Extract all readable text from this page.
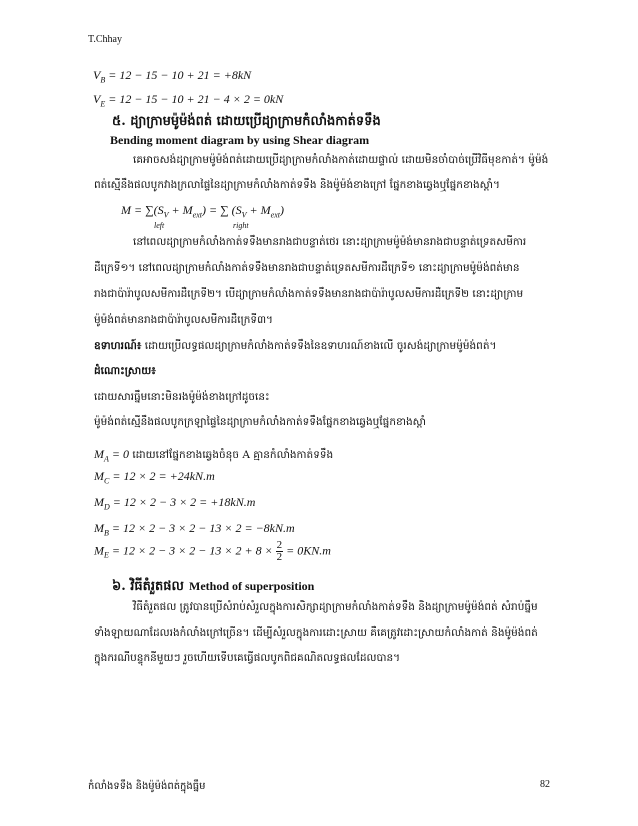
T.Chhay
$V_B = 12 - 15 - 10 + 21 = +8kN$
$V_E = 12 - 15 - 10 + 21 - 4 \times 2 = 0kN$
៥. ដ្យាក្រាមម៉ូម៉ង់ពត់ ដោយប្រើដ្យាក្រាមកំលាំងកាត់ទទឹង
Bending moment diagram by using Shear diagram
គេអាចសង់ដ្យាក្រាមម៉ូម៉ង់ពត់ដោយប្រើដ្យាក្រាមកំលាំងកាត់ដោយផ្ទាល់ ដោយមិនចាំបាច់ប្រើវិធីមុខកាត់។ ម៉ូម៉ង់
ពត់ស្មើនឹងផលបូកវាងក្រលាផ្ទៃនៃដ្យាក្រាមកំលាំងកាត់ទទឹង និងម៉ូម៉ង់ខាងក្រៅ ផ្នែកខាងឆ្វេងឬផ្នែកខាងស្តាំ។
$M = \sum(S_V + M_{ext})$ = ∑ $(S_V + M_{ext})$
left	right
នៅពេលដ្យាក្រាមកំលាំងកាត់ទទឹងមានរាងជាបន្ទាត់ថេរ នោះដ្យាក្រាមម៉ូម៉ង់មានរាងជាបន្ទាត់ទ្រេតសមីការ
ដឺក្រេទី១។ នៅពេលដ្យាក្រាមកំលាំងកាត់ទទឹងមានរាងជាបន្ទាត់ទ្រេតសមីការដឺក្រេទី១ នោះដ្យាក្រាមម៉ូម៉ង់ពត់មាន
រាងជាប៉ារ៉ាបូលសមីការដឺក្រេទី២។ បើដ្យាក្រាមកំលាំងកាត់ទទឹងមានរាងជាប៉ារ៉ាបូលសមីការដឺក្រេទី២ នោះដ្យាក្រាម
ម៉ូម៉ង់ពត់មានរាងជាប៉ារ៉ាបូលសមីការដឺក្រេទី៣។
ឧទាហរណ៍៖ ដោយប្រើលទ្ធផលដ្យាក្រាមកំលាំងកាត់ទទឹងនៃឧទាហរណ៍ខាងលើ ចូរសង់ដ្យាក្រាមម៉ូម៉ង់ពត់។
ដំណោះស្រាយ៖
ដោយសារធ្នឹមនោះមិនរងម៉ូម៉ង់ខាងក្រៅដូចនេះ
ម៉ូម៉ង់ពត់ស្មើនឹងផលបូកក្រឡាផ្ទៃនៃដ្យាក្រាមកំលាំងកាត់ទទឹងផ្នែកខាងឆ្វេងឬផ្នែកខាងស្តាំ
$M_A = 0$ ដោយនៅផ្នែកខាងឆ្វេងចំនុច A គ្មានកំលាំងកាត់ទទឹង
$M_C = 12 \times 2 = +24kN.m$
$M_D = 12 \times 2 - 3 \times 2 = +18kN.m$
$M_B = 12 \times 2 - 3 \times 2 - 13 \times 2 = -8kN.m$
$M_E = 12 \times 2 - 3 \times 2 - 13 \times 2 + 8 \times \frac{2}{2} = 0KN.m$
៦. វិធីតំរួតផល Method of superposition
វិធីតំរួតផល ត្រូវបានប្រើសំរាប់សំរួលក្នុងការសិក្សាដ្យាក្រាមកំលាំងកាត់ទទឹង និងដ្យាក្រាមម៉ូម៉ង់ពត់ សំរាប់ធ្នឹម
ទាំងឡាយណាដែលរងកំលាំងក្រៅច្រើន។ ដើម្បីសំរួលក្នុងការដោះស្រាយ គឺគេត្រូវដោះស្រាយកំលាំងកាត់ និងម៉ូម៉ង់ពត់
ក្នុងករណីបន្ទុកនីមួយៗ រួចហើយទើបគេធ្វើផលបូកពិជគណិតលទ្ធផលដែលបាន។
កំលាំងទទឹង និងម៉ូម៉ង់ពត់ក្នុងធ្នឹម	82
